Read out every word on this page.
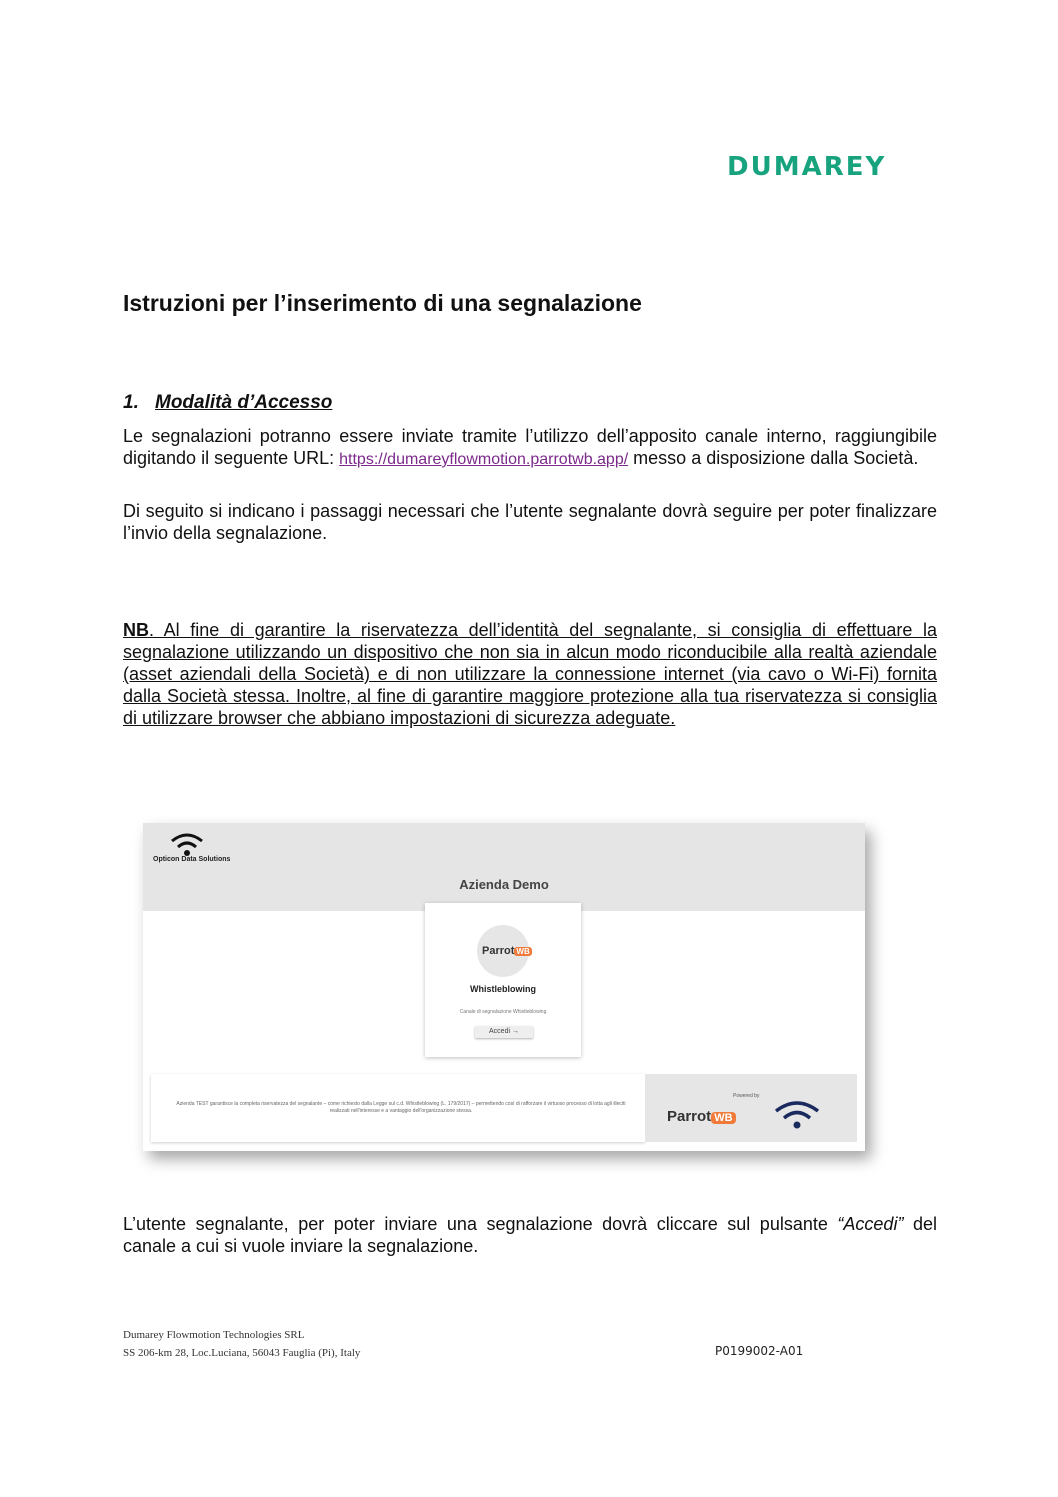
DUMAREY
Istruzioni per l’inserimento di una segnalazione
1. Modalità d’Accesso
Le segnalazioni potranno essere inviate tramite l’utilizzo dell’apposito canale interno, raggiungibile digitando il seguente URL: https://dumareyflowmotion.parrotwb.app/ messo a disposizione dalla Società.
Di seguito si indicano i passaggi necessari che l’utente segnalante dovrà seguire per poter finalizzare l’invio della segnalazione.
NB. Al fine di garantire la riservatezza dell’identità del segnalante, si consiglia di effettuare la segnalazione utilizzando un dispositivo che non sia in alcun modo riconducibile alla realtà aziendale (asset aziendali della Società) e di non utilizzare la connessione internet (via cavo o Wi-Fi) fornita dalla Società stessa. Inoltre, al fine di garantire maggiore protezione alla tua riservatezza si consiglia di utilizzare browser che abbiano impostazioni di sicurezza adeguate.
Opticon Data Solutions
Azienda Demo
Parrot WB
Whistleblowing
Canale di segnalazione Whistleblowing
Accedi →
Azienda TEST garantisce la completa riservatezza del segnalante – come richiesto dalla Legge sul c.d. Whistleblowing (L. 179/2017) – permettendo così di rafforzare il virtuoso processo di lotta agli illeciti realizzati nell'interesse e a vantaggio dell'organizzazione stessa.
Powered by
Parrot WB
L’utente segnalante, per poter inviare una segnalazione dovrà cliccare sul pulsante “Accedi” del canale a cui si vuole inviare la segnalazione.
Dumarey Flowmotion Technologies SRL
SS 206-km 28, Loc.Luciana, 56043 Fauglia (Pi), Italy	P0199002-A01
